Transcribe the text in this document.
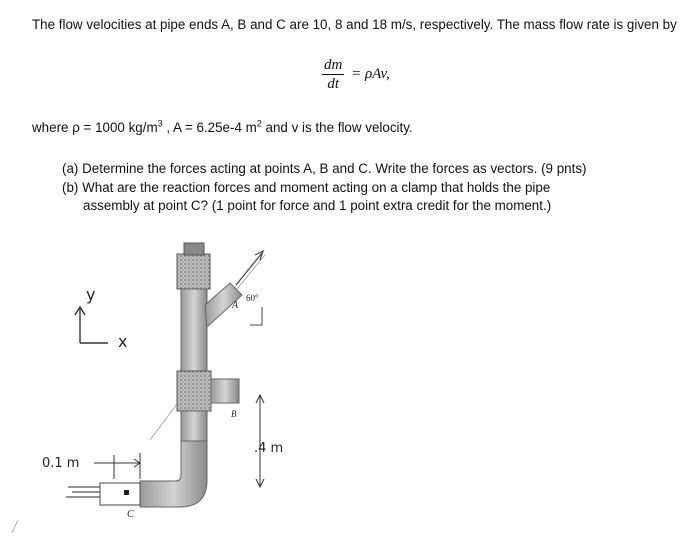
The flow velocities at pipe ends A, B and C are 10, 8 and 18 m/s, respectively. The mass flow rate is given by
$\frac{dm}{dt} = \rho Av$,
where ρ = 1000 $kg/m^3$ , A = 6.25e-4 $m^2$ and v is the flow velocity.
(a) Determine the forces acting at points A, B and C. Write the forces as vectors. (9 pnts)
(b) What are the reaction forces and moment acting on a clamp that holds the pipe
assembly at point C? (1 point for force and 1 point extra credit for the moment.)
y
x
A
60°
B
.4 m
C
0.1 m
